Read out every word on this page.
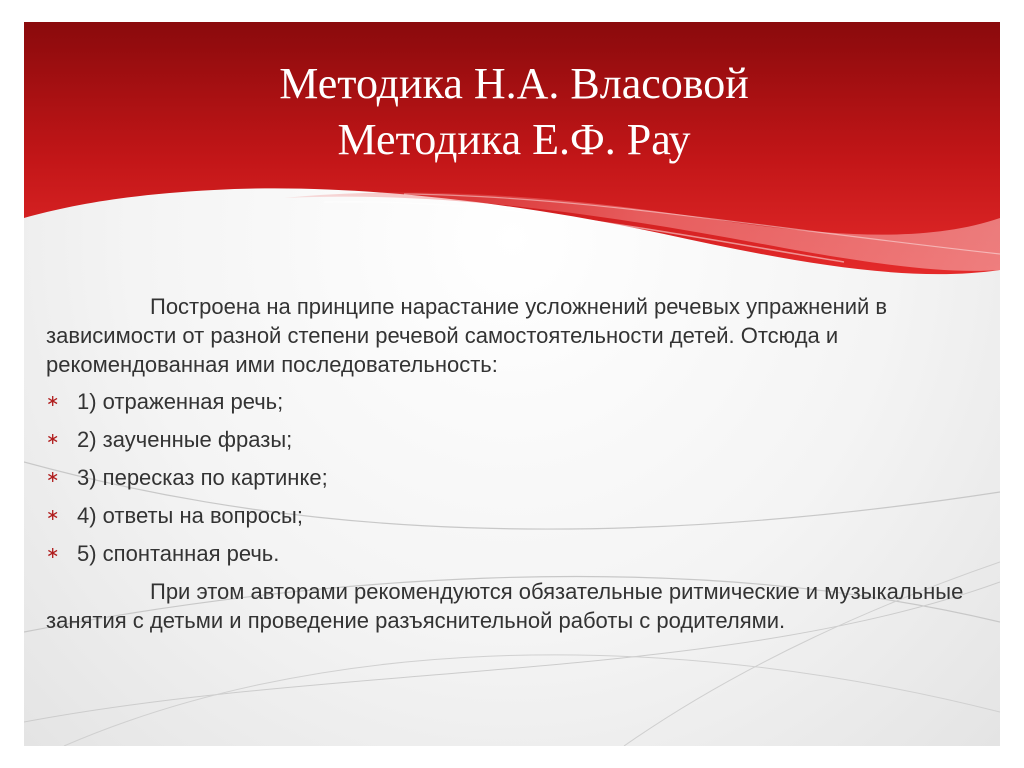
Методика Н.А. Власовой
Методика Е.Ф. Рау

Построена на принципе нарастание усложнений речевых упражнений в зависимости от разной степени речевой самостоятельности детей. Отсюда и рекомендованная ими последовательность:

∗ 1) отраженная речь;
∗ 2) заученные фразы;
∗ 3) пересказ по картинке;
∗ 4) ответы на вопросы;
∗ 5) спонтанная речь.

При этом авторами рекомендуются обязательные ритмические и музыкальные занятия с детьми и проведение разъяснительной работы с родителями.
